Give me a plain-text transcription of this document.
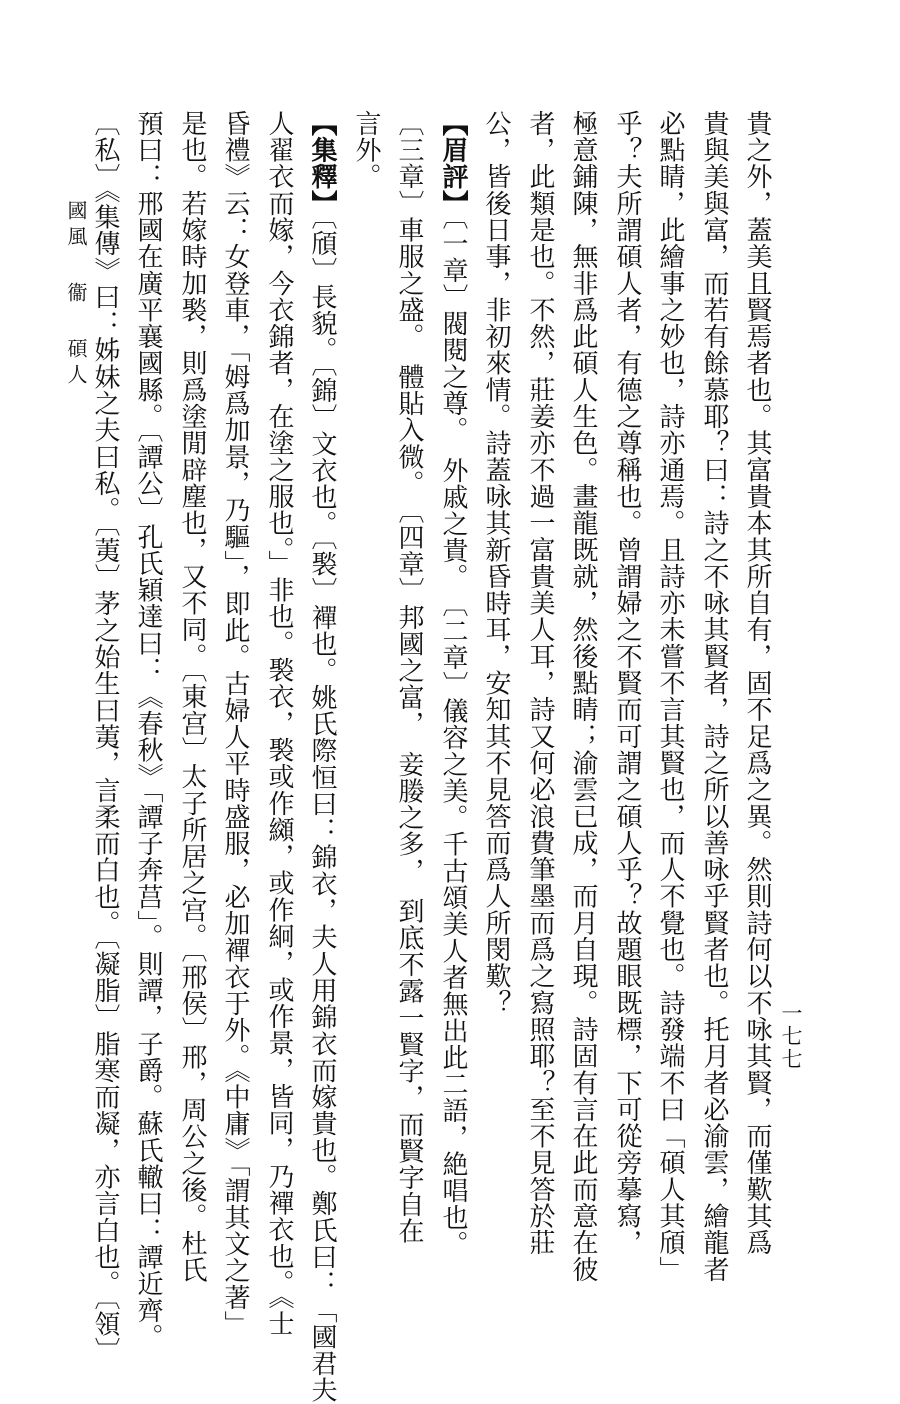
貴之外，蓋美且賢焉者也。其富貴本其所自有，固不足爲之異。然則詩何以不咏其賢，而僅歎其爲
貴與美與富，而若有餘慕耶？曰：詩之不咏其賢者，詩之所以善咏乎賢者也。托月者必渝雲，繪龍者
必點睛，此繪事之妙也，詩亦通焉。且詩亦未嘗不言其賢也，而人不覺也。詩發端不曰「碩人其頎」
乎？夫所謂碩人者，有德之尊稱也。曾謂婦之不賢而可謂之碩人乎？故題眼既標，下可從旁摹寫，
極意鋪陳，無非爲此碩人生色。畫龍既就，然後點睛；渝雲已成，而月自現。詩固有言在此而意在彼
者，此類是也。不然，莊姜亦不過一富貴美人耳，詩又何必浪費筆墨而爲之寫照耶？至不見答於莊
公，皆後日事，非初來情。詩蓋咏其新昏時耳，安知其不見答而爲人所閔歎？
【眉評】〔一章〕閥閱之尊。　外戚之貴。　〔二章〕儀容之美。千古頌美人者無出此二語，絶唱也。
〔三章〕車服之盛。　體貼入微。　〔四章〕邦國之富，　妾媵之多，　到底不露一賢字，而賢字自在
言外。
【集釋】〔頎〕長貌。〔錦〕文衣也。〔褧〕襌也。姚氏際恒曰：錦衣，夫人用錦衣而嫁貴也。鄭氏曰：「國君夫
人翟衣而嫁，今衣錦者，在塗之服也。」非也。褧衣，褧或作纐，或作絅，或作景，皆同，乃襌衣也。《士
昏禮》云：女登車，「姆爲加景，乃驅」，即此。古婦人平時盛服，必加襌衣于外。《中庸》「謂其文之著」
是也。若嫁時加褧，則爲塗閒辟塵也，又不同。〔東宫〕太子所居之宫。〔邢侯〕邢，周公之後。杜氏
預曰：邢國在廣平襄國縣。〔譚公〕孔氏穎達曰：《春秋》「譚子奔莒」。則譚，子爵。蘇氏轍曰：譚近齊。
〔私〕《集傳》曰：姊妹之夫曰私。〔荑〕茅之始生曰荑，言柔而白也。〔凝脂〕脂寒而凝，亦言白也。〔領〕
國風 衞 碩人
一七七
